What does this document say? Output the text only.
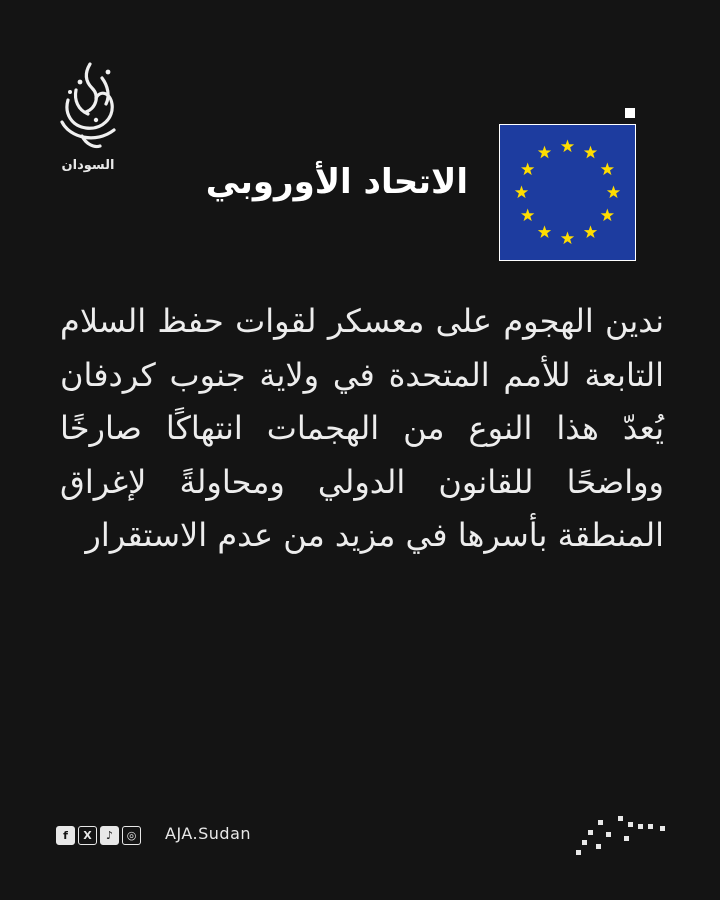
السودان	الاتحاد الأوروبي
ندين الهجوم على معسكر لقوات حفظ السلام التابعة للأمم المتحدة في ولاية جنوب كردفان يُعدّ هذا النوع من الهجمات انتهاكًا صارخًا وواضحًا للقانون الدولي ومحاولةً لإغراق المنطقة بأسرها في مزيد من عدم الاستقرار
f	X	♪	◎ AJA.Sudan
